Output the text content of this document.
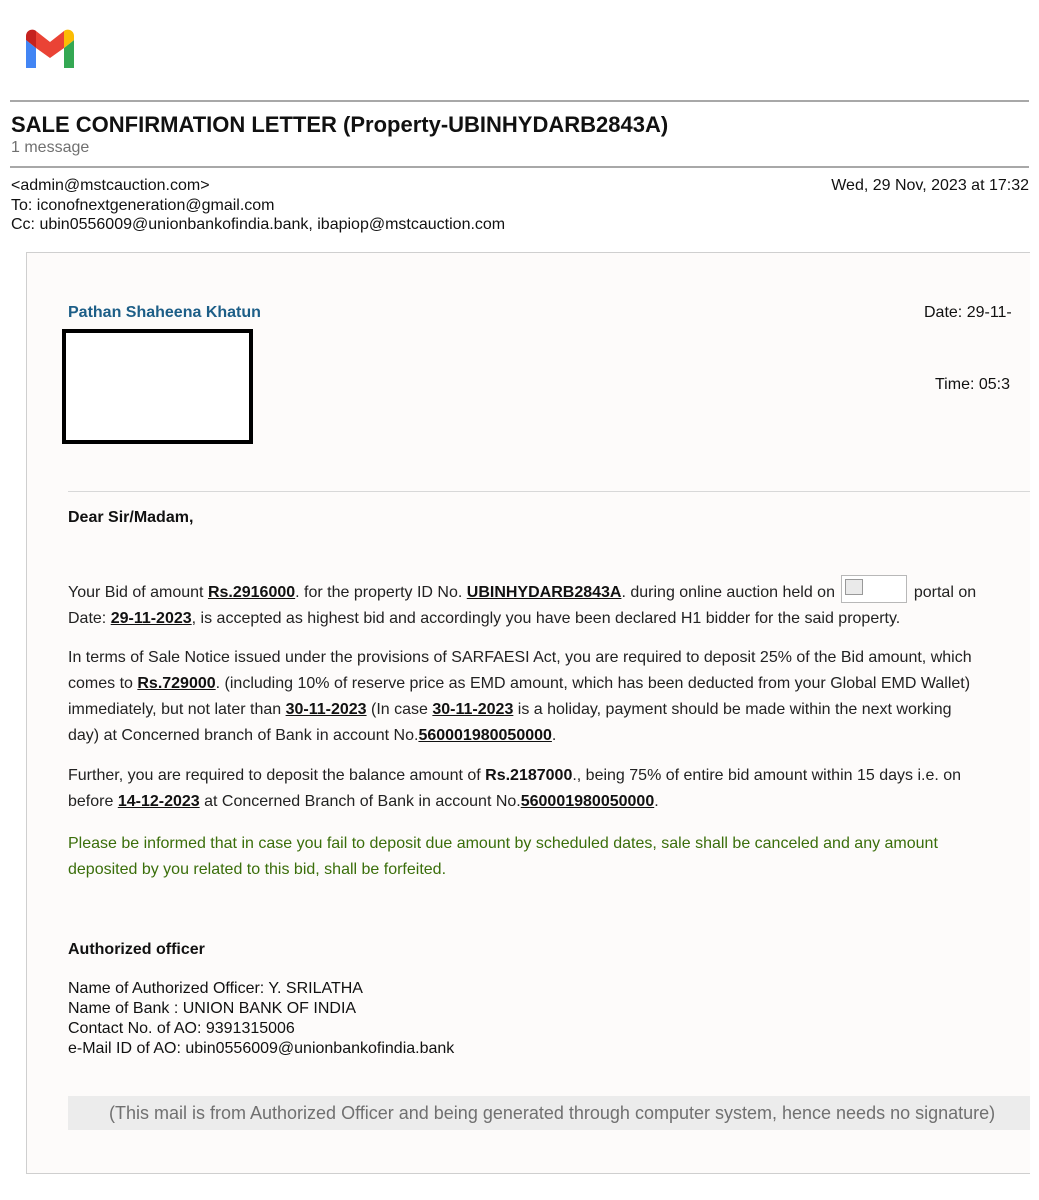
SALE CONFIRMATION LETTER (Property-UBINHYDARB2843A)
1 message
<admin@mstcauction.com>	Wed, 29 Nov, 2023 at 17:32
To: iconofnextgeneration@gmail.com
Cc: ubin0556009@unionbankofindia.bank, ibapiop@mstcauction.com
Pathan Shaheena Khatun	Date: 29-11-
Time: 05:3
Dear Sir/Madam,
Your Bid of amount Rs.2916000. for the property ID No. UBINHYDARB2843A. during online auction held on	portal on
Date: 29-11-2023, is accepted as highest bid and accordingly you have been declared H1 bidder for the said property.
In terms of Sale Notice issued under the provisions of SARFAESI Act, you are required to deposit 25% of the Bid amount, which
comes to Rs.729000. (including 10% of reserve price as EMD amount, which has been deducted from your Global EMD Wallet)
immediately, but not later than 30-11-2023 (In case 30-11-2023 is a holiday, payment should be made within the next working
day) at Concerned branch of Bank in account No.560001980050000.
Further, you are required to deposit the balance amount of Rs.2187000., being 75% of entire bid amount within 15 days i.e. on
before 14-12-2023 at Concerned Branch of Bank in account No.560001980050000.
Please be informed that in case you fail to deposit due amount by scheduled dates, sale shall be canceled and any amount
deposited by you related to this bid, shall be forfeited.
Authorized officer
Name of Authorized Officer: Y. SRILATHA
Name of Bank : UNION BANK OF INDIA
Contact No. of AO: 9391315006
e-Mail ID of AO: ubin0556009@unionbankofindia.bank
(This mail is from Authorized Officer and being generated through computer system, hence needs no signature)
